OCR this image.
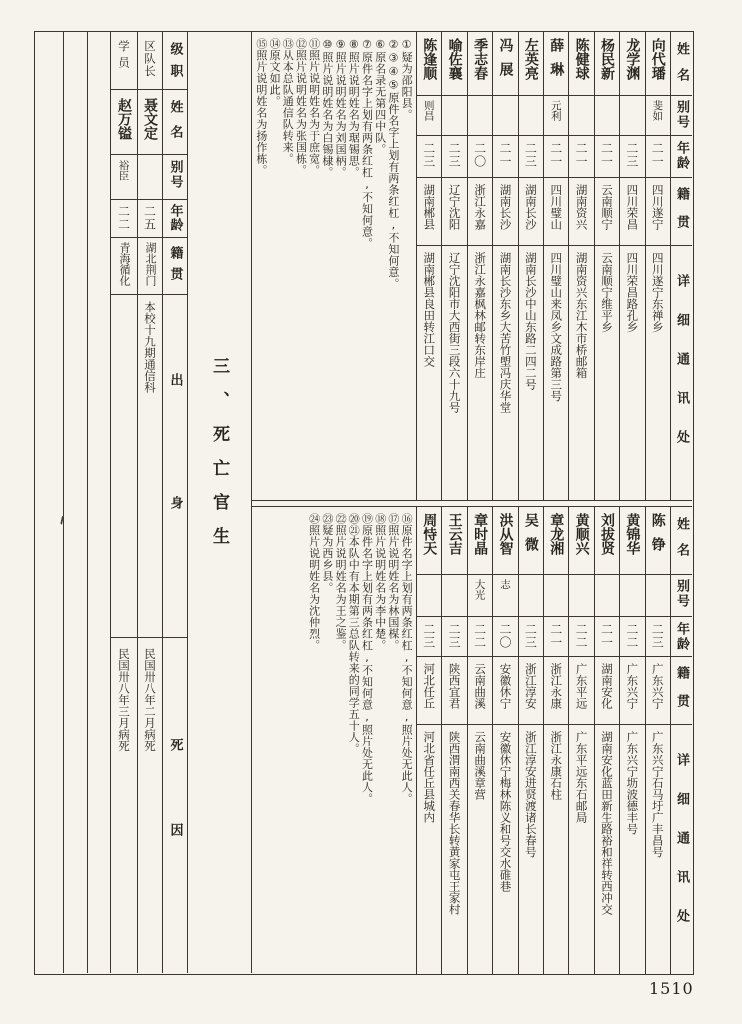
学员
赵万镒
裕臣
二二
青海循化
民国卅八年三月病死
区队长
聂文定
二五
湖北荆门
本校十九期通信科
民国卅八年二月病死
级职
姓名
别号
年龄
籍贯
出身
死因
三、死亡官生
姓名
别号
年龄
籍贯
详细通讯处
向代璠
斐如
二一
四川遂宁
四川遂宁东禅乡
龙学渊
二三
四川荣昌
四川荣昌路孔乡
杨民新
二一
云南顺宁
云南顺宁维平乡
陈健球
二一
湖南资兴
湖南资兴东江木市桥邮箱
薛琳
元利
二一
四川璧山
四川璧山来凤乡文成路第三号
左英亮
二三
湖南长沙
湖南长沙中山东路二四二号
冯展
二一
湖南长沙
湖南长沙东乡大苦竹塱冯庆华堂
季志春
二〇
浙江永嘉
浙江永嘉枫林邮转东岸庄
喻佐襄
二三
辽宁沈阳
辽宁沈阳市大西街三段六十九号
陈逢顺
则昌
二三
湖南郴县
湖南郴县良田转江口交

①疑为邵阳县。

②③④⑤原件名字上划有两条红杠,不知何意。

⑥原名录无第四中队。

⑦原件名字上划有两条红杠,不知何意。

⑧照片说明姓名为琚锡思。

⑨照片说明姓名为刘国柄。

⑩照片说明姓名为白锡棣。

⑪照片说明姓名为于庶宽。

⑫照片说明姓名为张国栋。

⑬从本总队通信队转来。

⑭原文如此。

⑮照片说明姓名为扬作栋。

姓名
别号
年龄
籍贯
详细通讯处
陈铮
二三
广东兴宁
广东兴宁石马圩广丰昌号
黄锦华
二二
广东兴宁
广东兴宁坜波德丰号
刘拔贤
二一
湖南安化
湖南安化蓝田新生路裕和祥转西冲交
黄顺兴
二二
广东平远
广东平远东石邮局
章龙湘
二一
浙江永康
浙江永康石柱
吴微
二三
浙江淳安
浙江淳安进贤渡诸长春号
洪从智
志
二〇
安徽休宁
安徽休宁梅林陈义和号交水碓巷
章时晶
大光
二二
云南曲溪
云南曲溪章营
王云吉
二三
陕西宜君
陕西渭南西关春华长转黄家屯王家村
周恃天
二三
河北任丘
河北省任丘县城内

⑯原件名字上划有两条红杠,不知何意,照片处无此人。

⑰照片说明姓名为林国楳。

⑱照片说明姓名为李中楚。

⑲原件名字上划有两条红杠,不知何意,照片处无此人。

⑳㉑本队中有本期第三总队转来的同学五十人。

㉒照片说明姓名为王之鉴。

㉓疑为西乡县。

㉔照片说明姓名为沈仲烈。

1510
